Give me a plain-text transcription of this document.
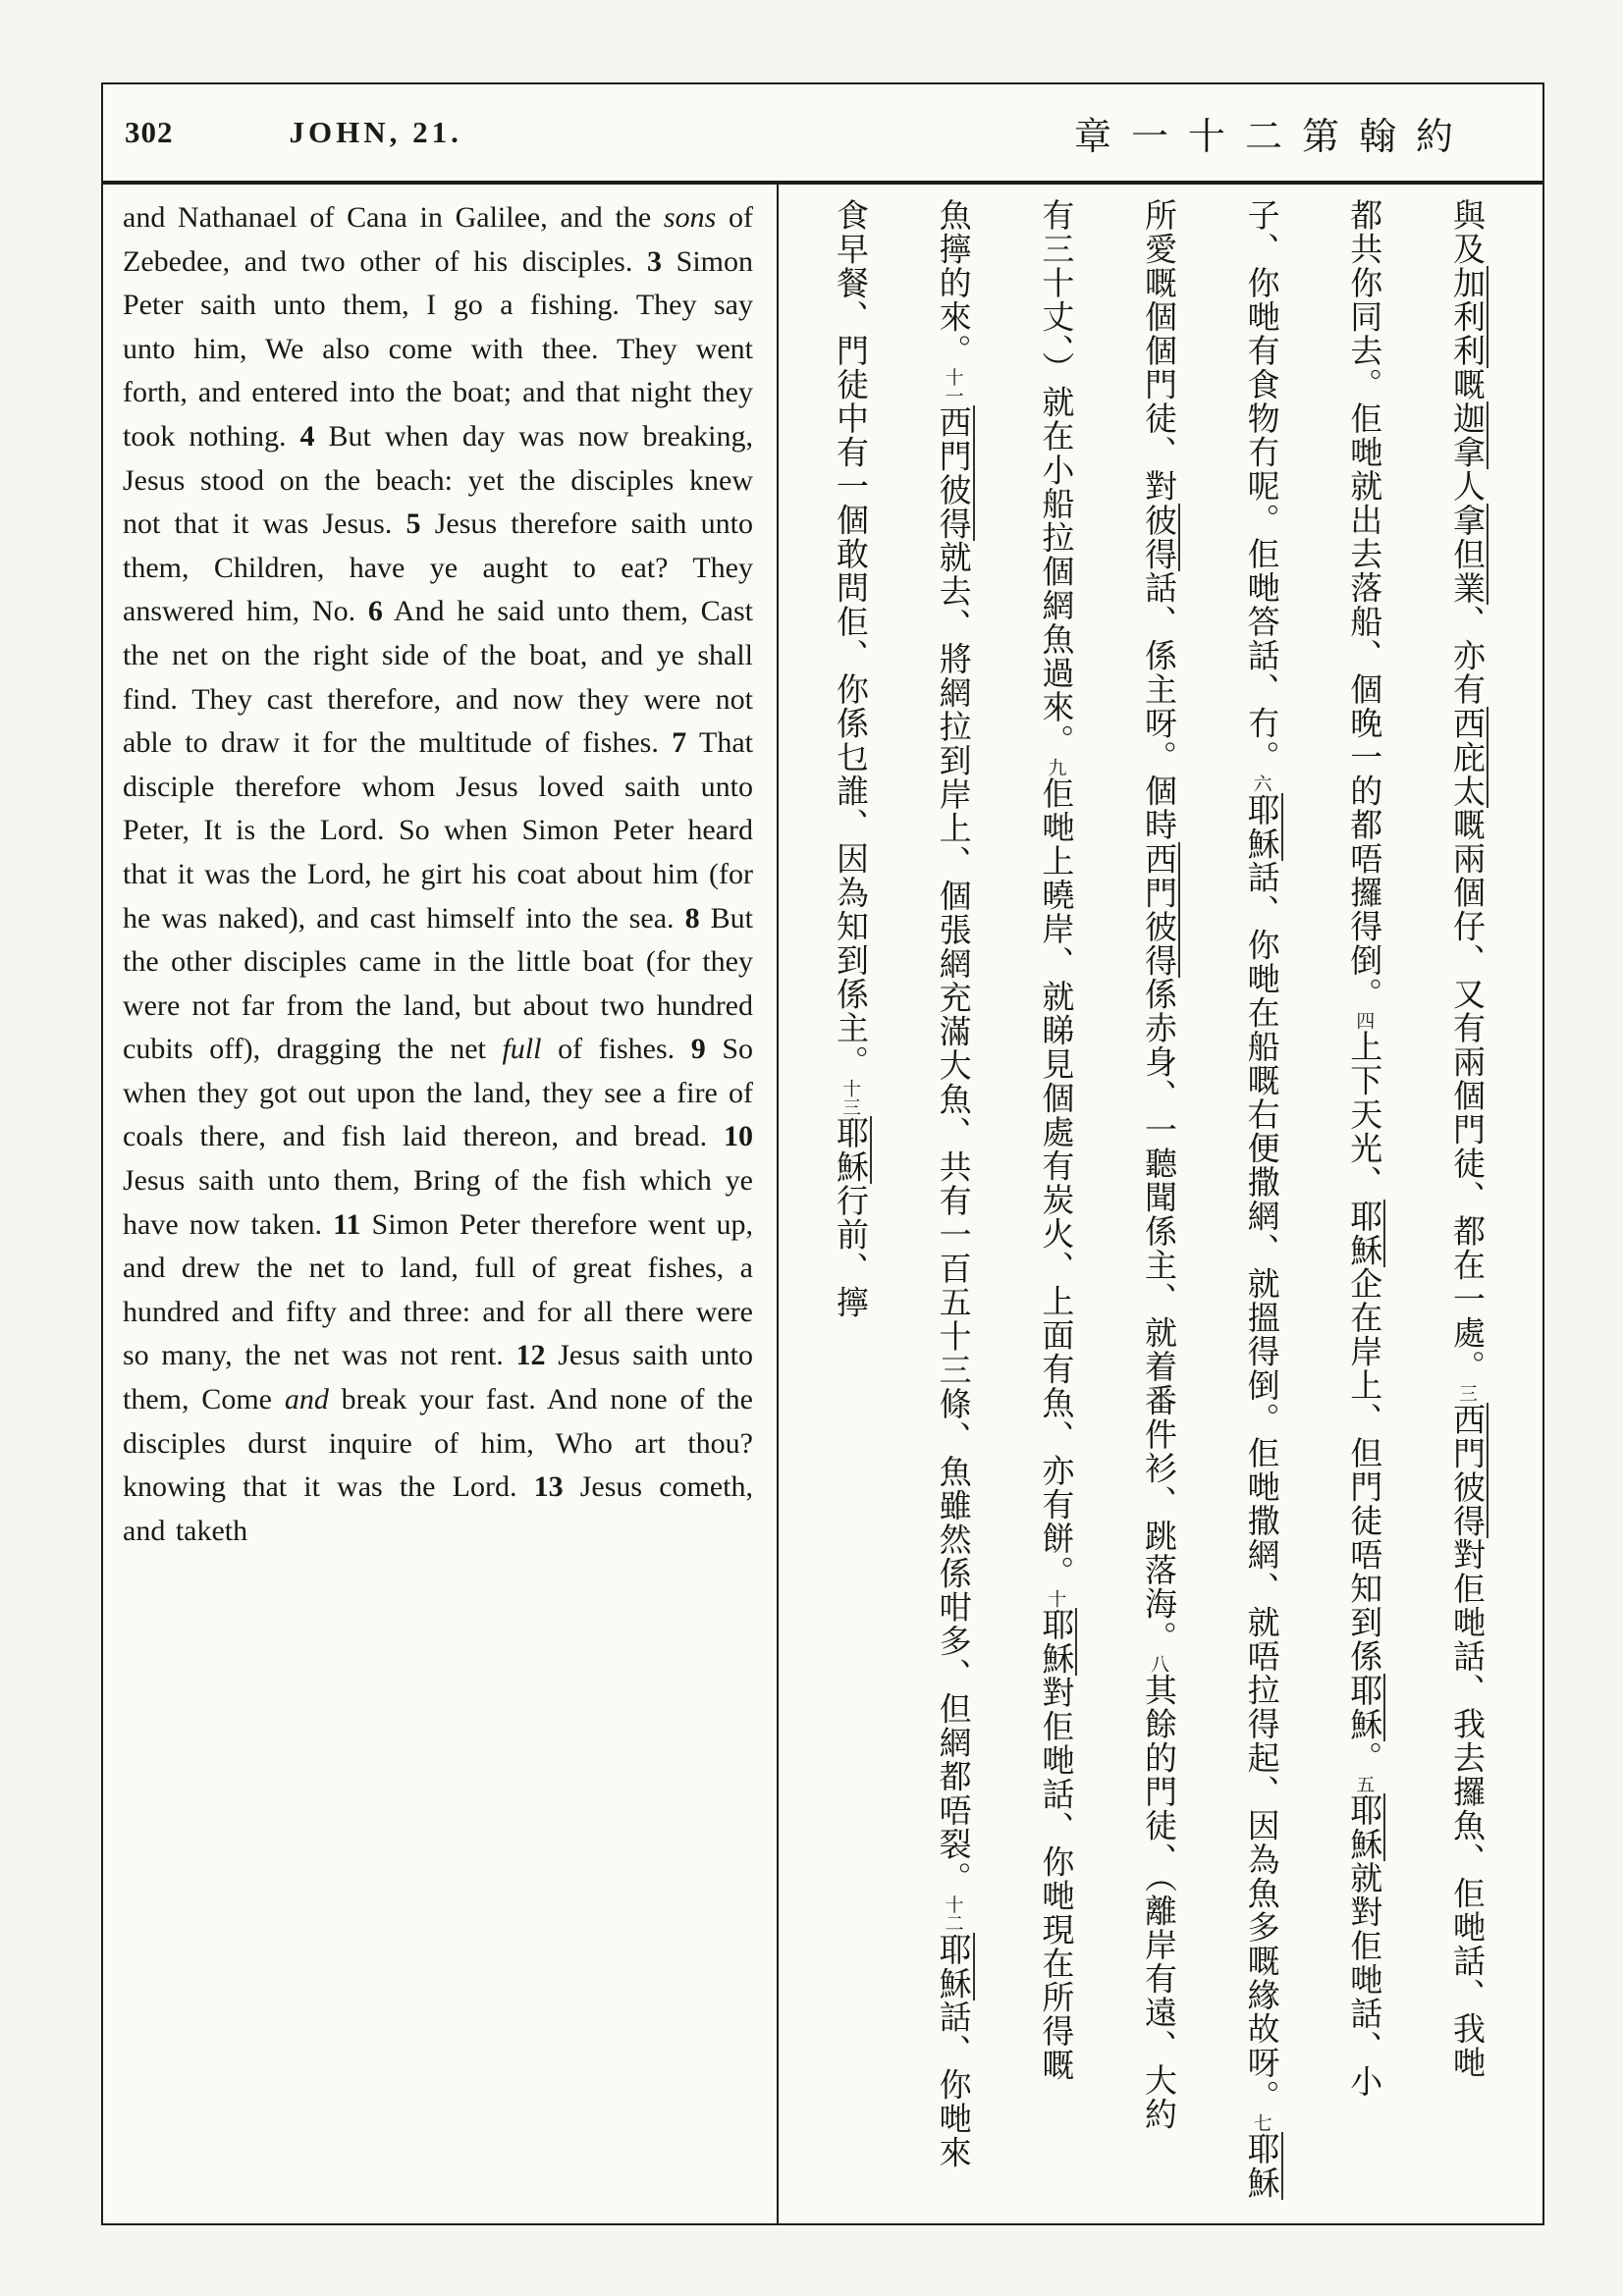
302	JOHN, 21.	章一十二第翰約

and Nathanael of Cana in Galilee, and the sons of Zebedee, and two other of his disciples. 3 Simon Peter saith unto them, I go a fishing. They say unto him, We also come with thee. They went forth, and entered into the boat; and that night they took nothing. 4 But when day was now breaking, Jesus stood on the beach: yet the disciples knew not that it was Jesus. 5 Jesus therefore saith unto them, Children, have ye aught to eat? They answered him, No. 6 And he said unto them, Cast the net on the right side of the boat, and ye shall find. They cast therefore, and now they were not able to draw it for the multitude of fishes. 7 That disciple therefore whom Jesus loved saith unto Peter, It is the Lord. So when Simon Peter heard that it was the Lord, he girt his coat about him (for he was naked), and cast himself into the sea. 8 But the other disciples came in the little boat (for they were not far from the land, but about two hundred cubits off), dragging the net full of fishes. 9 So when they got out upon the land, they see a fire of coals there, and fish laid thereon, and bread. 10 Jesus saith unto them, Bring of the fish which ye have now taken. 11 Simon Peter therefore went up, and drew the net to land, full of great fishes, a hundred and fifty and three: and for all there were so many, the net was not rent. 12 Jesus saith unto them, Come and break your fast. And none of the disciples durst inquire of him, Who art thou? knowing that it was the Lord. 13 Jesus cometh, and taketh

與及加利利嘅迦拿人拿但業、亦有西庇太嘅兩個仔、又有兩個門徒、都在一處。三西門彼得對佢哋話、我去攞魚、佢哋話、我哋
都共你同去。佢哋就出去落船、個晚一的都唔攞得倒。四上下天光、耶穌企在岸上、但門徒唔知到係耶穌。五耶穌就對佢哋話、小
子、你哋有食物冇呢。佢哋答話、冇。六耶穌話、你哋在船嘅右便撒網、就搵得倒。佢哋撒網、就唔拉得起、因為魚多嘅緣故呀。七耶穌
所愛嘅個個門徒、對彼得話、係主呀。個時西門彼得係赤身、一聽聞係主、就着番件衫、跳落海。八其餘的門徒、（離岸有遠、大約
有三十丈、）就在小船拉個網魚過來。九佢哋上曉岸、就睇見個處有炭火、上面有魚、亦有餅。十耶穌對佢哋話、你哋現在所得嘅
魚擰的來。十一西門彼得就去、將網拉到岸上、個張網充滿大魚、共有一百五十三條、魚雖然係咁多、但網都唔裂。十二耶穌話、你哋來
食早餐、門徒中有一個敢問佢、你係乜誰、因為知到係主。十三耶穌行前、擰
